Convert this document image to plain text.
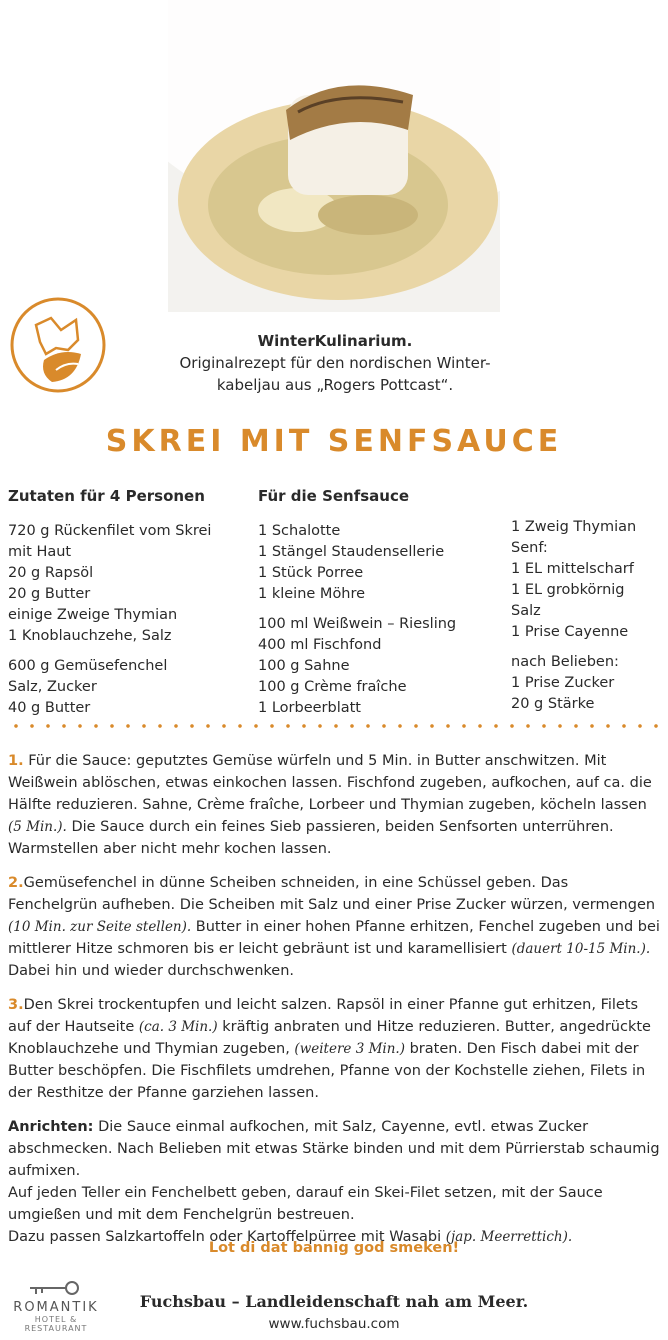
WinterKulinarium.
Originalrezept für den nordischen Winter-
kabeljau aus „Rogers Pottcast“.
SKREI MIT SENFSAUCE
Zutaten für 4 Personen
720 g Rückenfilet vom Skrei
mit Haut
20 g Rapsöl
20 g Butter
einige Zweige Thymian
1 Knoblauchzehe, Salz
600 g Gemüsefenchel
Salz, Zucker
40 g Butter
Für die Senfsauce
1 Schalotte
1 Stängel Staudensellerie
1 Stück Porree
1 kleine Möhre
100 ml Weißwein – Riesling
400 ml Fischfond
100 g Sahne
100 g Crème fraîche
1 Lorbeerblatt
1 Zweig Thymian
Senf:
1 EL mittelscharf
1 EL grobkörnig
Salz
1 Prise Cayenne
nach Belieben:
1 Prise Zucker
20 g Stärke

1. Für die Sauce: geputztes Gemüse würfeln und 5 Min. in Butter anschwitzen. Mit Weißwein ablöschen, etwas einkochen lassen. Fischfond zugeben, aufkochen, auf ca. die Hälfte reduzieren. Sahne, Crème fraîche, Lorbeer und Thymian zugeben, köcheln lassen (5 Min.). Die Sauce durch ein feines Sieb passieren, beiden Senfsorten unterrühren. Warmstellen aber nicht mehr kochen lassen.

2.Gemüsefenchel in dünne Scheiben schneiden, in eine Schüssel geben. Das Fenchelgrün aufheben. Die Scheiben mit Salz und einer Prise Zucker würzen, vermengen (10 Min. zur Seite stellen). Butter in einer hohen Pfanne erhitzen, Fenchel zugeben und bei mittlerer Hitze schmoren bis er leicht gebräunt ist und karamellisiert (dauert 10-15 Min.). Dabei hin und wieder durchschwenken.

3.Den Skrei trockentupfen und leicht salzen. Rapsöl in einer Pfanne gut erhitzen, Filets auf der Hautseite (ca. 3 Min.) kräftig anbraten und Hitze reduzieren. Butter, angedrückte Knoblauchzehe und Thymian zugeben, (weitere 3 Min.) braten. Den Fisch dabei mit der Butter beschöpfen. Die Fischfilets umdrehen, Pfanne von der Kochstelle ziehen, Filets in der Resthitze der Pfanne garziehen lassen.

Anrichten: Die Sauce einmal aufkochen, mit Salz, Cayenne, evtl. etwas Zucker abschmecken. Nach Belieben mit etwas Stärke binden und mit dem Pürrierstab schaumig aufmixen.
Auf jeden Teller ein Fenchelbett geben, darauf ein Skei-Filet setzen, mit der Sauce umgießen und mit dem Fenchelgrün bestreuen.
Dazu passen Salzkartoffeln oder Kartoffelpürree mit Wasabi (jap. Meerrettich).

Lot di dat bannig god smeken!
ROMANTIK
HOTEL & RESTAURANT
Fuchsbau – Landleidenschaft nah am Meer.
www.fuchsbau.com
